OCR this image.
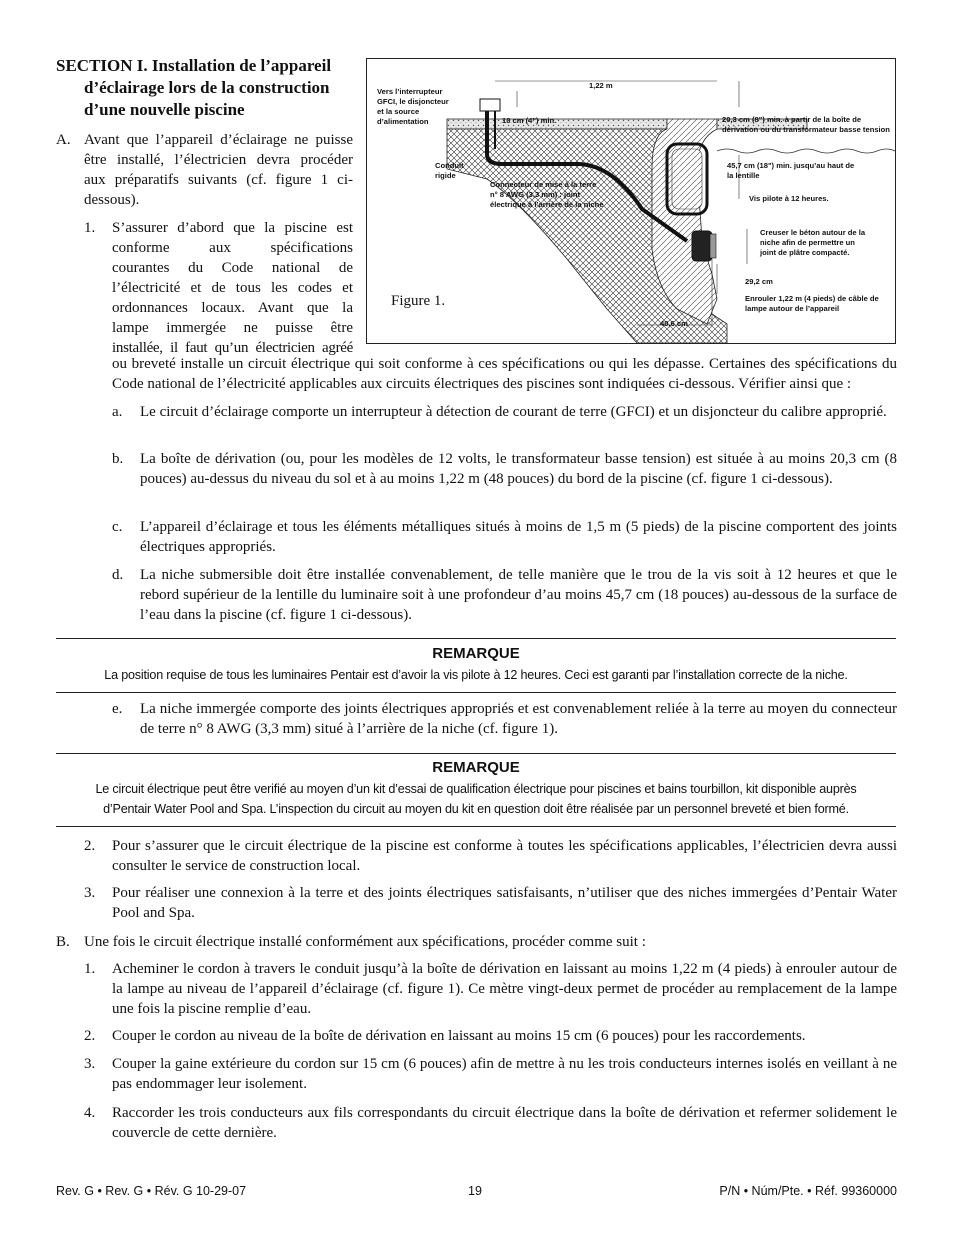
SECTION I. Installation de l’appareil
d’éclairage lors de la construction
d’une nouvelle piscine
A. Avant que l’appareil d’éclairage ne puisse
être installé, l’électricien devra procéder
aux préparatifs suivants (cf. figure 1 ci-
dessous).
1. S’assurer d’abord que la piscine est
conforme aux spécifications
courantes du Code national de
l’électricité et de tous les codes et
ordonnances locaux. Avant que la
lampe immergée ne puisse être
installée, il faut qu’un électricien agréé
ou breveté installe un circuit électrique qui soit conforme à ces spécifications ou qui les dépasse. Certaines des spécifications du Code national de l’électricité applicables aux circuits électriques des piscines sont indiquées ci-dessous. Vérifier ainsi que :
Vers l’interrupteur GFCI, le disjoncteur et la source d’alimentation
1,22 m
10 cm (4") min.	20,3 cm (8") min. à partir de la boîte de dérivation ou du transformateur basse tension
Conduit rigide
Connecteur de mise à la terre n° 8 AWG (3,3 mm) : joint électrique à l’arrière de la niche
45,7 cm (18") min. jusqu’au haut de la lentille
Vis pilote à 12 heures.
Creuser le béton autour de la niche afin de permettre un joint de plâtre compacté.
29,2 cm
Enrouler 1,22 m (4 pieds) de câble de lampe autour de l’appareil
40,6 cm
Figure 1.
a. Le circuit d’éclairage comporte un interrupteur à détection de courant de terre (GFCI) et un disjoncteur du calibre approprié.
b. La boîte de dérivation (ou, pour les modèles de 12 volts, le transformateur basse tension) est située à au moins 20,3 cm (8 pouces) au-dessus du niveau du sol et à au moins 1,22 m (48 pouces) du bord de la piscine (cf. figure 1 ci-dessous).
c. L’appareil d’éclairage et tous les éléments métalliques situés à moins de 1,5 m (5 pieds) de la piscine comportent des joints électriques appropriés.
d. La niche submersible doit être installée convenablement, de telle manière que le trou de la vis soit à 12 heures et que le rebord supérieur de la lentille du luminaire soit à une profondeur d’au moins 45,7 cm (18 pouces) au-dessous de la surface de l’eau dans la piscine (cf. figure 1 ci-dessous).
REMARQUE
La position requise de tous les luminaires Pentair est d’avoir la vis pilote à 12 heures. Ceci est garanti par l’installation correcte de la niche.
e. La niche immergée comporte des joints électriques appropriés et est convenablement reliée à la terre au moyen du connecteur de terre n° 8 AWG (3,3 mm) situé à l’arrière de la niche (cf. figure 1).
REMARQUE
Le circuit électrique peut être verifié au moyen d’un kit d’essai de qualification électrique pour piscines et bains tourbillon, kit disponible auprès
d’Pentair Water Pool and Spa. L’inspection du circuit au moyen du kit en question doit être réalisée par un personnel breveté et bien formé.
2. Pour s’assurer que le circuit électrique de la piscine est conforme à toutes les spécifications applicables, l’électricien devra aussi consulter le service de construction local.
3. Pour réaliser une connexion à la terre et des joints électriques satisfaisants, n’utiliser que des niches immergées d’Pentair Water Pool and Spa.
B. Une fois le circuit électrique installé conformément aux spécifications, procéder comme suit :
1. Acheminer le cordon à travers le conduit jusqu’à la boîte de dérivation en laissant au moins 1,22 m (4 pieds) à enrouler autour de la lampe au niveau de l’appareil d’éclairage (cf. figure 1). Ce mètre vingt-deux permet de procéder au remplacement de la lampe une fois la piscine remplie d’eau.
2. Couper le cordon au niveau de la boîte de dérivation en laissant au moins 15 cm (6 pouces) pour les raccordements.
3. Couper la gaine extérieure du cordon sur 15 cm (6 pouces) afin de mettre à nu les trois conducteurs internes isolés en veillant à ne pas endommager leur isolement.
4. Raccorder les trois conducteurs aux fils correspondants du circuit électrique dans la boîte de dérivation et refermer solidement le couvercle de cette dernière.
Rev. G • Rev. G • Rév. G 10-29-07	19	P/N • Núm/Pte. • Réf. 99360000
